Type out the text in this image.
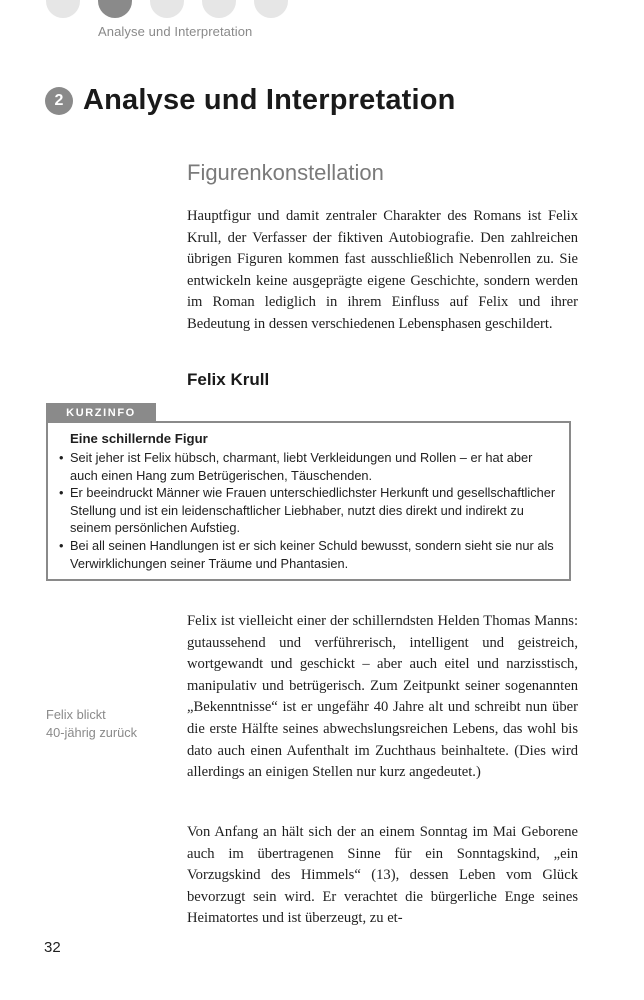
Analyse und Interpretation
2 Analyse und Interpretation
Figurenkonstellation

Hauptfigur und damit zentraler Charakter des Romans ist Felix Krull, der Verfasser der fiktiven Autobiografie. Den zahlreichen übrigen Figuren kommen fast ausschließlich Nebenrollen zu. Sie entwickeln keine ausgeprägte eigene Geschichte, sondern werden im Roman lediglich in ihrem Einfluss auf Felix und ihrer Bedeutung in dessen verschiedenen Lebensphasen geschildert.

Felix Krull
KURZINFO
Eine schillernde Figur
• Seit jeher ist Felix hübsch, charmant, liebt Verkleidungen und Rollen – er hat aber auch einen Hang zum Betrügerischen, Täuschenden.
• Er beeindruckt Männer wie Frauen unterschiedlichster Herkunft und gesellschaftlicher Stellung und ist ein leidenschaftlicher Liebhaber, nutzt dies direkt und indirekt zu seinem persönlichen Aufstieg.
• Bei all seinen Handlungen ist er sich keiner Schuld bewusst, sondern sieht sie nur als Verwirklichungen seiner Träume und Phantasien.

Felix ist vielleicht einer der schillerndsten Helden Thomas Manns: gutaussehend und verführerisch, intelligent und geistreich, wortgewandt und geschickt – aber auch eitel und narzisstisch, manipulativ und betrügerisch. Zum Zeitpunkt seiner sogenannten „Bekenntnisse“ ist er ungefähr 40 Jahre alt und schreibt nun über die erste Hälfte seines abwechslungsreichen Lebens, das wohl bis dato auch einen Aufenthalt im Zuchthaus beinhaltete. (Dies wird allerdings an einigen Stellen nur kurz angedeutet.)

Felix blickt
40-jährig zurück

Von Anfang an hält sich der an einem Sonntag im Mai Geborene auch im übertragenen Sinne für ein Sonntagskind, „ein Vorzugskind des Himmels“ (13), dessen Leben vom Glück bevorzugt sein wird. Er verachtet die bürgerliche Enge seines Heimatortes und ist überzeugt, zu et-

32
